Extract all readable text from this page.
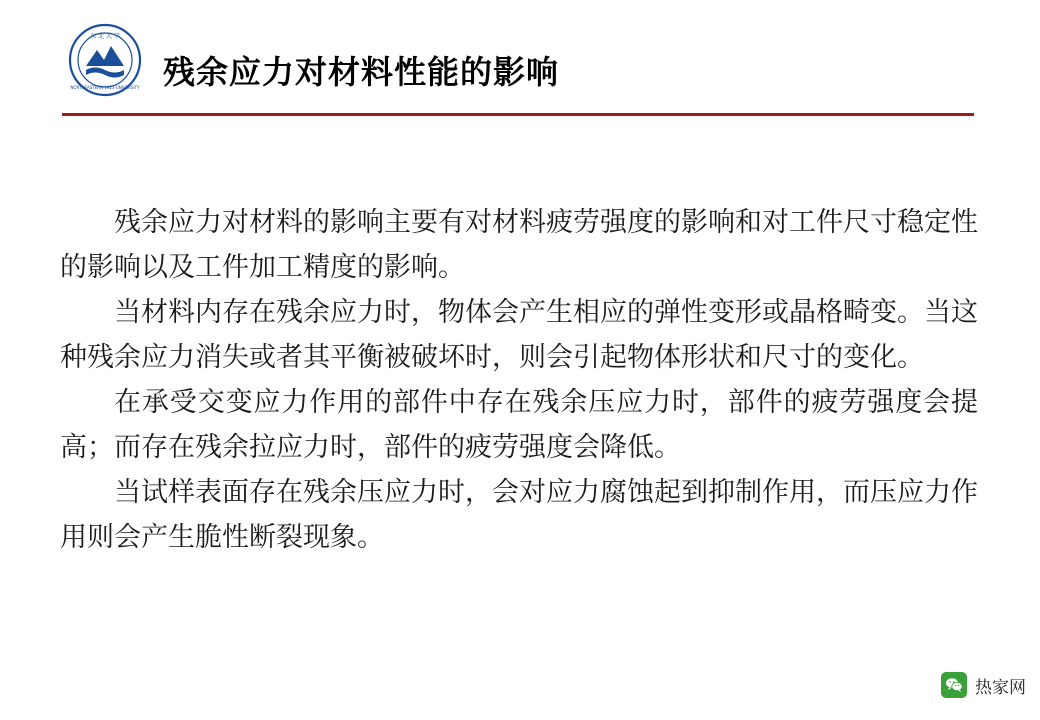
东 北 大 学
NORTHEASTERN·1923·UNIVERSITY 残余应力对材料性能的影响

残余应力对材料的影响主要有对材料疲劳强度的影响和对工件尺寸稳定性的影响以及工件加工精度的影响。

当材料内存在残余应力时，物体会产生相应的弹性变形或晶格畸变。当这种残余应力消失或者其平衡被破坏时，则会引起物体形状和尺寸的变化。

在承受交变应力作用的部件中存在残余压应力时，部件的疲劳强度会提高；而存在残余拉应力时，部件的疲劳强度会降低。

当试样表面存在残余压应力时，会对应力腐蚀起到抑制作用，而压应力作用则会产生脆性断裂现象。

热家网
